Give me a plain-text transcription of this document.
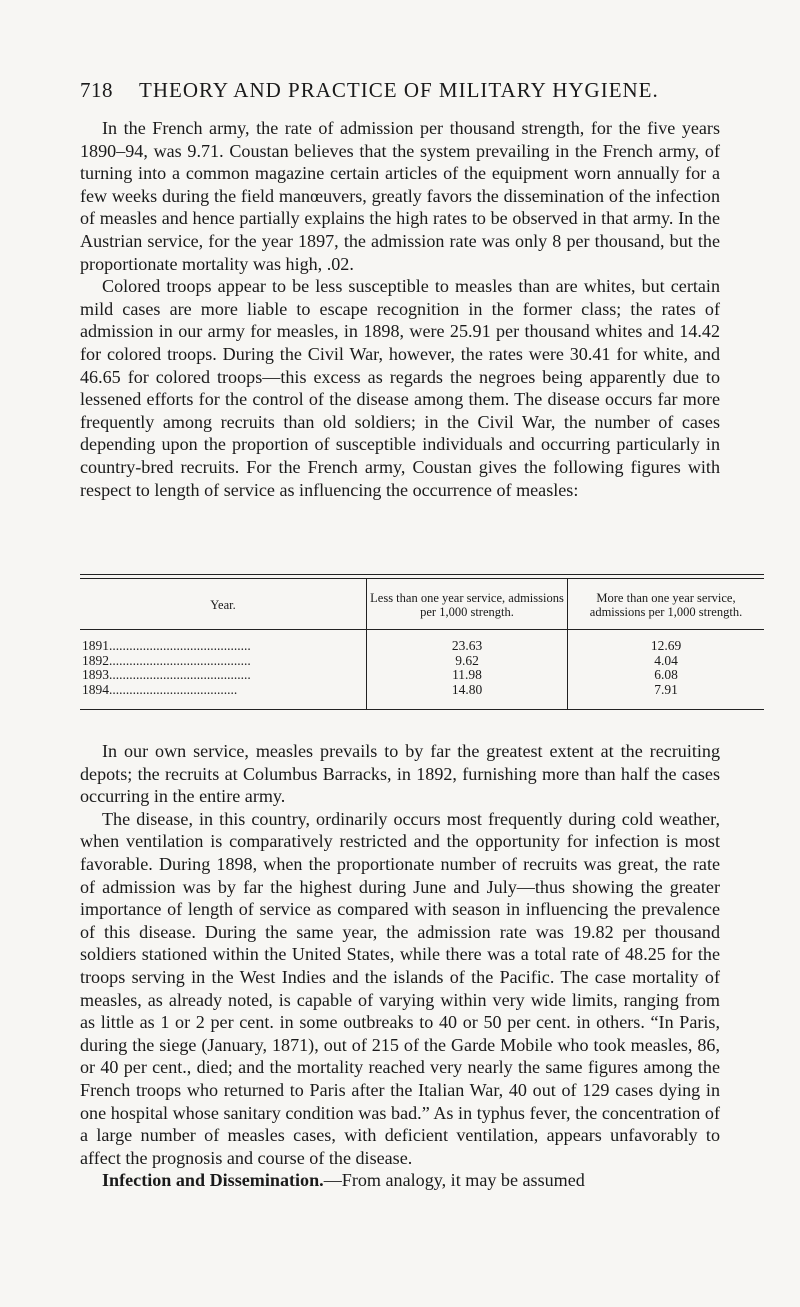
718 THEORY AND PRACTICE OF MILITARY HYGIENE.

In the French army, the rate of admission per thousand strength, for the five years 1890–94, was 9.71. Coustan believes that the system prevailing in the French army, of turning into a common magazine certain articles of the equipment worn annually for a few weeks during the field manœuvers, greatly favors the dissemination of the infection of measles and hence partially explains the high rates to be observed in that army. In the Austrian service, for the year 1897, the admission rate was only 8 per thousand, but the proportionate mortality was high, .02.

Colored troops appear to be less susceptible to measles than are whites, but certain mild cases are more liable to escape recognition in the former class; the rates of admission in our army for measles, in 1898, were 25.91 per thousand whites and 14.42 for colored troops. During the Civil War, however, the rates were 30.41 for white, and 46.65 for colored troops—this excess as regards the negroes being apparently due to lessened efforts for the control of the disease among them. The disease occurs far more frequently among recruits than old soldiers; in the Civil War, the number of cases depending upon the proportion of susceptible individuals and occurring particularly in country-bred recruits. For the French army, Coustan gives the following figures with respect to length of service as influencing the occurrence of measles:

Year.	Less than one year service, admissions per 1,000 strength.	More than one year service, admissions per 1,000 strength.
1891..........................................	23.63	12.69
1892..........................................	9.62	4.04
1893..........................................	11.98	6.08
1894......................................	14.80	7.91

In our own service, measles prevails to by far the greatest extent at the recruiting depots; the recruits at Columbus Barracks, in 1892, furnishing more than half the cases occurring in the entire army.

The disease, in this country, ordinarily occurs most frequently during cold weather, when ventilation is comparatively restricted and the opportunity for infection is most favorable. During 1898, when the proportionate number of recruits was great, the rate of admission was by far the highest during June and July—thus showing the greater importance of length of service as compared with season in influencing the prevalence of this disease. During the same year, the admission rate was 19.82 per thousand soldiers stationed within the United States, while there was a total rate of 48.25 for the troops serving in the West Indies and the islands of the Pacific. The case mortality of measles, as already noted, is capable of varying within very wide limits, ranging from as little as 1 or 2 per cent. in some outbreaks to 40 or 50 per cent. in others. “In Paris, during the siege (January, 1871), out of 215 of the Garde Mobile who took measles, 86, or 40 per cent., died; and the mortality reached very nearly the same figures among the French troops who returned to Paris after the Italian War, 40 out of 129 cases dying in one hospital whose sanitary condition was bad.” As in typhus fever, the concentration of a large number of measles cases, with deficient ventilation, appears unfavorably to affect the prognosis and course of the disease.

Infection and Dissemination.—From analogy, it may be assumed
